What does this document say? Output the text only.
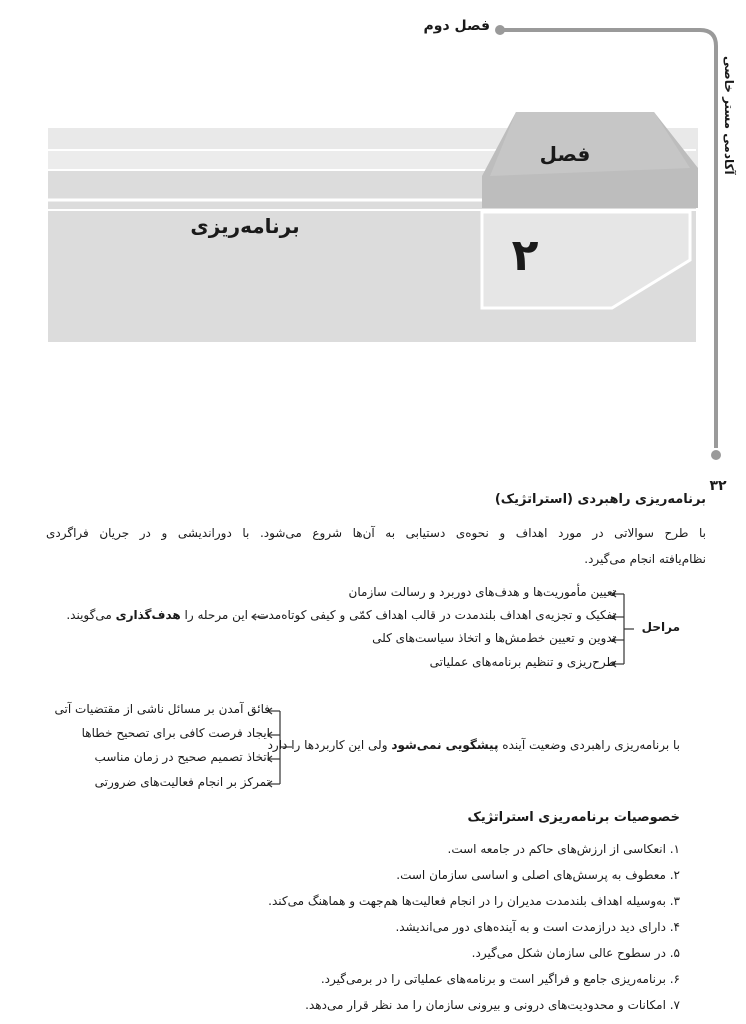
فصل دوم
آکادمی مستر خاصی
۳۲
فصل
۲
برنامه‌ریزی
برنامه‌ریزی راهبردی (استراتژیک)
با طرح سوالاتی در مورد اهداف و نحوه‌ی دستیابی به آن‌ها شروع می‌شود. با دوراندیشی و در جریان فراگردی
نظام‌یافته انجام می‌گیرد.
مراحل
تعیین مأموریت‌ها و هدف‌های دوربرد و رسالت سازمان
تفکیک و تجزیه‌ی اهداف بلندمدت در قالب اهداف کمّی و کیفی کوتاه‌مدت
تدوین و تعیین خط‌مش‌ها و اتخاذ سیاست‌های کلی
طرح‌ریزی و تنظیم برنامه‌های عملیاتی
این مرحله را هدف‌گذاری می‌گویند.
با برنامه‌ریزی راهبردی وضعیت آینده پیشگویی نمی‌شود ولی این کاربردها را دارد
فائق آمدن بر مسائل ناشی از مقتضیات آتی
ایجاد فرصت کافی برای تصحیح خطاها
اتخاذ تصمیم صحیح در زمان مناسب
تمرکز بر انجام فعالیت‌های ضرورتی
خصوصیات برنامه‌ریزی استراتژیک
۱. انعکاسی از ارزش‌های حاکم در جامعه است.
۲. معطوف به پرسش‌های اصلی و اساسی سازمان است.
۳. به‌وسیله اهداف بلندمدت مدیران را در انجام فعالیت‌ها هم‌جهت و هماهنگ می‌کند.
۴. دارای دید درازمدت است و به آینده‌های دور می‌اندیشد.
۵. در سطوح عالی سازمان شکل می‌گیرد.
۶. برنامه‌ریزی جامع و فراگیر است و برنامه‌های عملیاتی را در برمی‌گیرد.
۷. امکانات و محدودیت‌های درونی و بیرونی سازمان را مد نظر قرار می‌دهد.
